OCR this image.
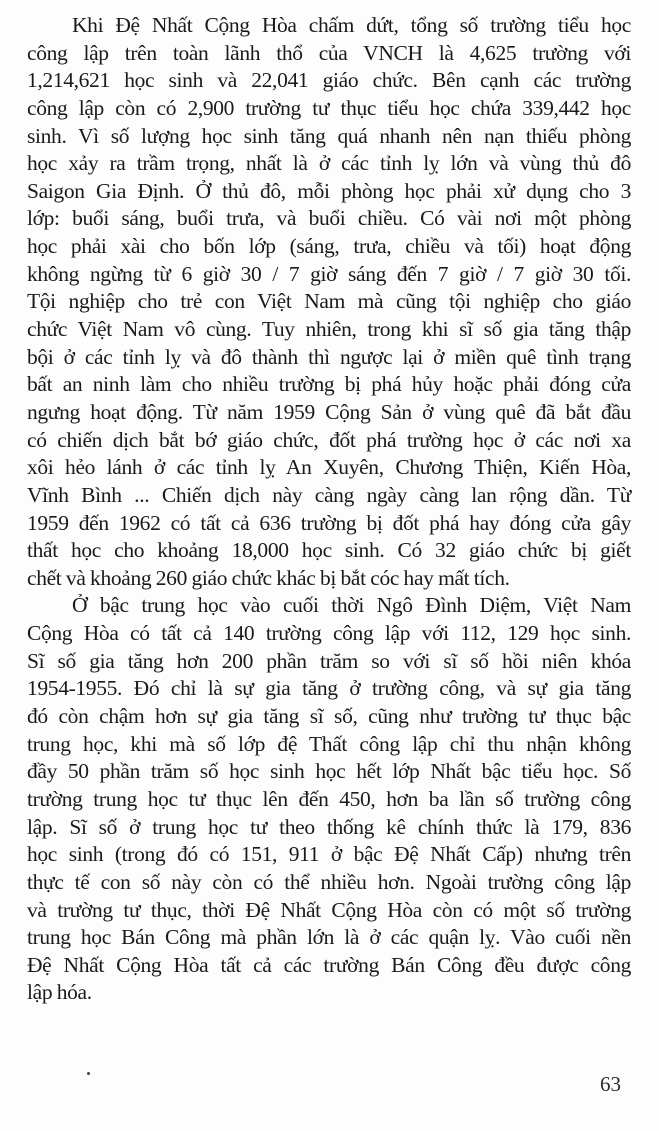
Khi Đệ Nhất Cộng Hòa chấm dứt, tổng số trường tiểu học
công lập trên toàn lãnh thổ của VNCH là 4,625 trường với
1,214,621 học sinh và 22,041 giáo chức. Bên cạnh các trường
công lập còn có 2,900 trường tư thục tiểu học chứa 339,442 học
sinh. Vì số lượng học sinh tăng quá nhanh nên nạn thiếu phòng
học xảy ra trầm trọng, nhất là ở các tỉnh lỵ lớn và vùng thủ đô
Saigon Gia Định. Ở thủ đô, mỗi phòng học phải xử dụng cho 3
lớp: buổi sáng, buổi trưa, và buổi chiều. Có vài nơi một phòng
học phải xài cho bốn lớp (sáng, trưa, chiều và tối) hoạt động
không ngừng từ 6 giờ 30 / 7 giờ sáng đến 7 giờ / 7 giờ 30 tối.
Tội nghiệp cho trẻ con Việt Nam mà cũng tội nghiệp cho giáo
chức Việt Nam vô cùng. Tuy nhiên, trong khi sĩ số gia tăng thập
bội ở các tỉnh lỵ và đô thành thì ngược lại ở miền quê tình trạng
bất an ninh làm cho nhiều trường bị phá hủy hoặc phải đóng cửa
ngưng hoạt động. Từ năm 1959 Cộng Sản ở vùng quê đã bắt đầu
có chiến dịch bắt bớ giáo chức, đốt phá trường học ở các nơi xa
xôi hẻo lánh ở các tỉnh lỵ An Xuyên, Chương Thiện, Kiến Hòa,
Vĩnh Bình ... Chiến dịch này càng ngày càng lan rộng dần. Từ
1959 đến 1962 có tất cả 636 trường bị đốt phá hay đóng cửa gây
thất học cho khoảng 18,000 học sinh. Có 32 giáo chức bị giết
chết và khoảng 260 giáo chức khác bị bắt cóc hay mất tích.
Ở bậc trung học vào cuối thời Ngô Đình Diệm, Việt Nam
Cộng Hòa có tất cả 140 trường công lập với 112, 129 học sinh.
Sĩ số gia tăng hơn 200 phần trăm so với sĩ số hồi niên khóa
1954-1955. Đó chỉ là sự gia tăng ở trường công, và sự gia tăng
đó còn chậm hơn sự gia tăng sĩ số, cũng như trường tư thục bậc
trung học, khi mà số lớp đệ Thất công lập chỉ thu nhận không
đầy 50 phần trăm số học sinh học hết lớp Nhất bậc tiểu học. Số
trường trung học tư thục lên đến 450, hơn ba lần số trường công
lập. Sĩ số ở trung học tư theo thống kê chính thức là 179, 836
học sinh (trong đó có 151, 911 ở bậc Đệ Nhất Cấp) nhưng trên
thực tế con số này còn có thể nhiều hơn. Ngoài trường công lập
và trường tư thục, thời Đệ Nhất Cộng Hòa còn có một số trường
trung học Bán Công mà phần lớn là ở các quận lỵ. Vào cuối nền
Đệ Nhất Cộng Hòa tất cả các trường Bán Công đều được công
lập hóa.
63
